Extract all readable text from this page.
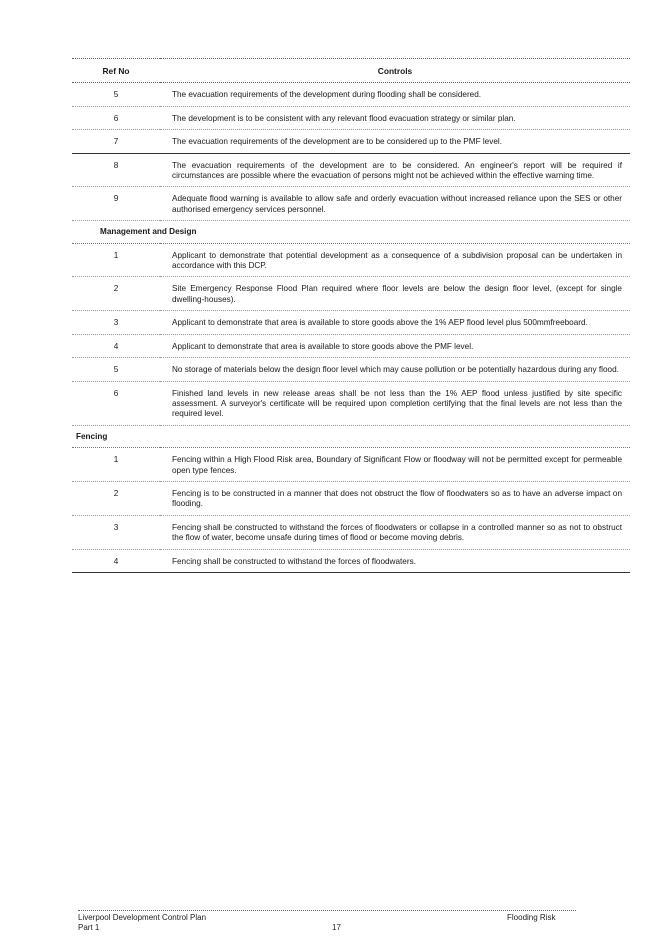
Ref No	Controls
5	The evacuation requirements of the development during flooding shall be considered.
6	The development is to be consistent with any relevant flood evacuation strategy or similar plan.
7	The evacuation requirements of the development are to be considered up to the PMF level.
8	The evacuation requirements of the development are to be considered. An engineer's report will be required if circumstances are possible where the evacuation of persons might not be achieved within the effective warning time.
9	Adequate flood warning is available to allow safe and orderly evacuation without increased reliance upon the SES or other authorised emergency services personnel.
Management and Design	
1	Applicant to demonstrate that potential development as a consequence of a subdivision proposal can be undertaken in accordance with this DCP.
2	Site Emergency Response Flood Plan required where floor levels are below the design floor level, (except for single dwelling-houses).
3	Applicant to demonstrate that area is available to store goods above the 1% AEP flood level plus 500mmfreeboard.
4	Applicant to demonstrate that area is available to store goods above the PMF level.
5	No storage of materials below the design floor level which may cause pollution or be potentially hazardous during any flood.
6	Finished land levels in new release areas shall be not less than the 1% AEP flood unless justified by site specific assessment. A surveyor's certificate will be required upon completion certifying that the final levels are not less than the required level.
Fencing	
1	Fencing within a High Flood Risk area, Boundary of Significant Flow or floodway will not be permitted except for permeable open type fences.
2	Fencing is to be constructed in a manner that does not obstruct the flow of floodwaters so as to have an adverse impact on flooding.
3	Fencing shall be constructed to withstand the forces of floodwaters or collapse in a controlled manner so as not to obstruct the flow of water, become unsafe during times of flood or become moving debris.
4	Fencing shall be constructed to withstand the forces of floodwaters.
Liverpool Development Control Plan
Part 1	17
Flooding Risk
